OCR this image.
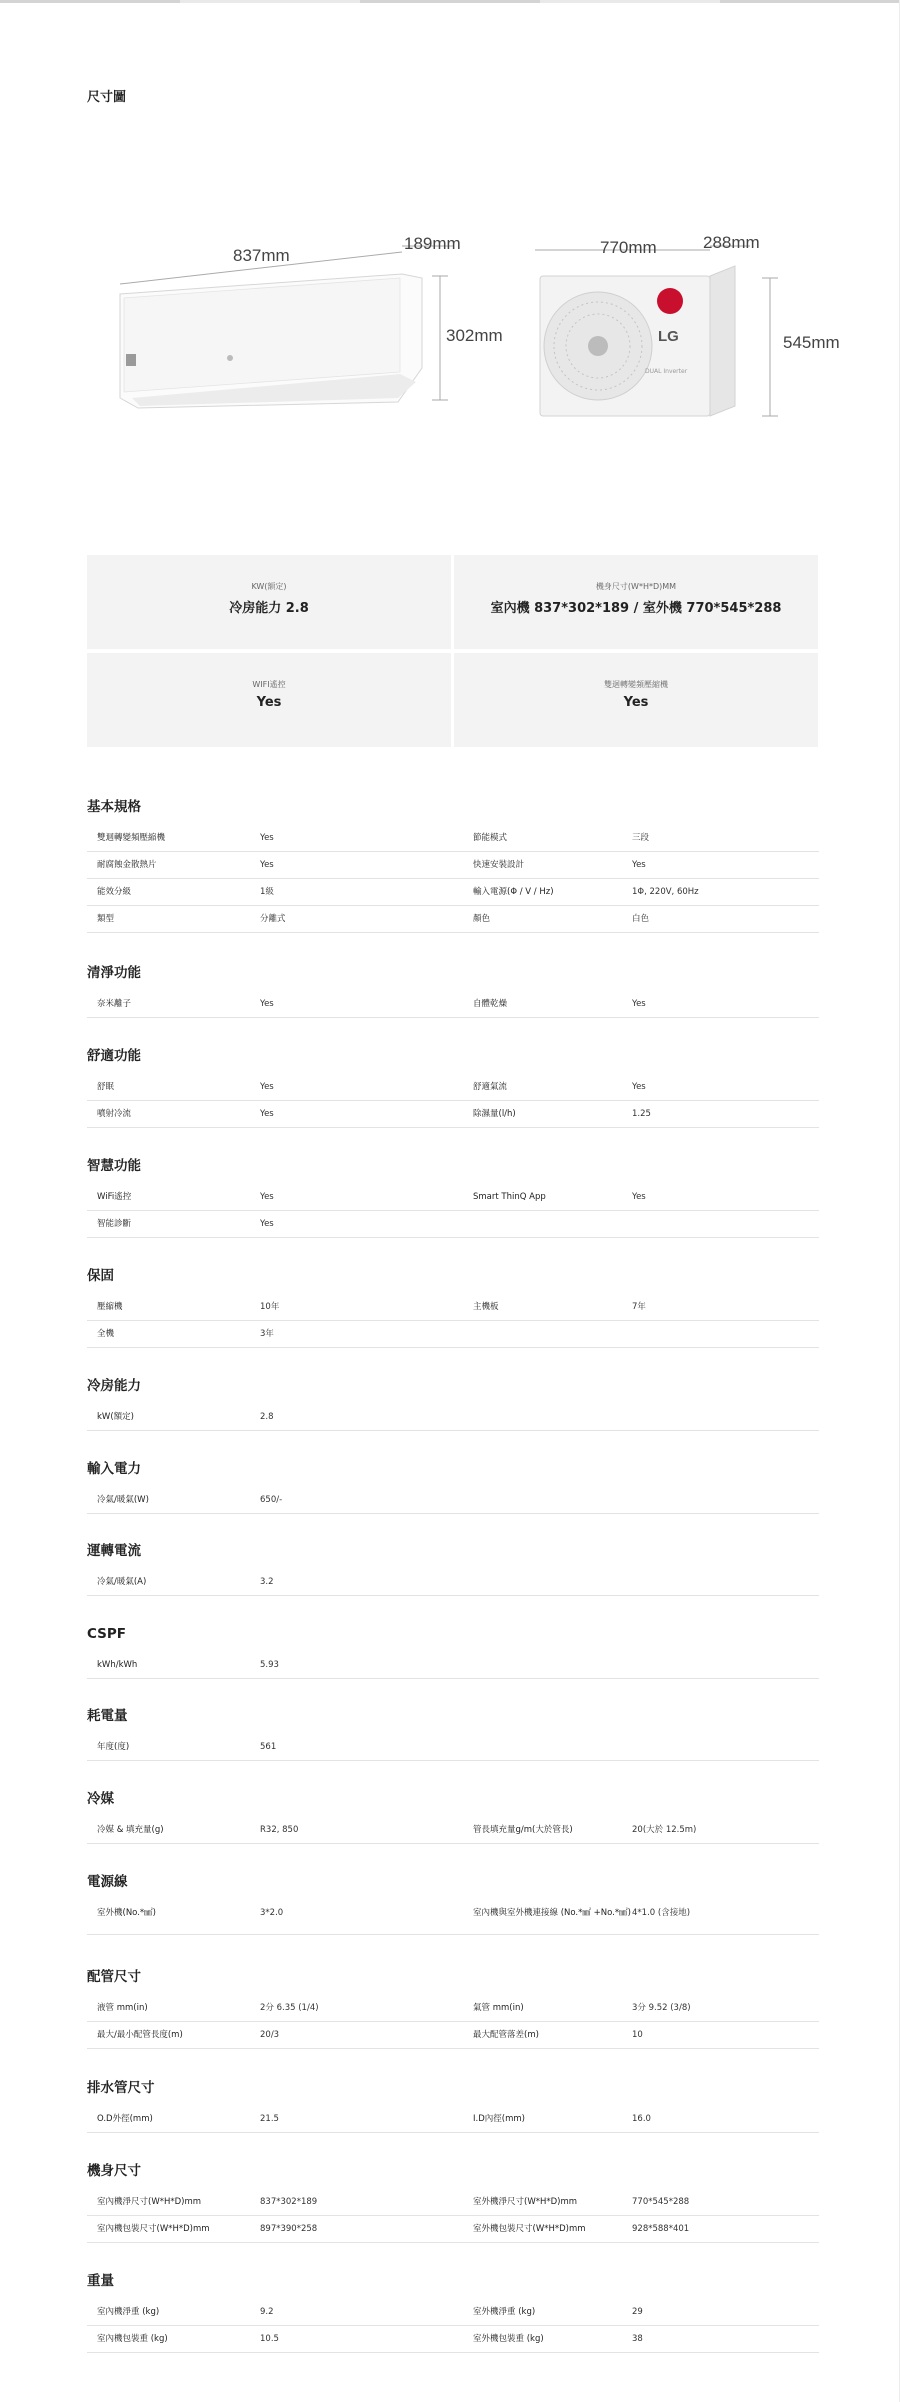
尺寸圖
837mm
189mm
302mm
770mm	288mm
545mm
LG
DUAL Inverter
KW(額定)
冷房能力 2.8
機身尺寸(W*H*D)MM
室內機 837*302*189 / 室外機 770*545*288
WIFI遙控
Yes
雙迴轉變頻壓縮機
Yes
基本規格
雙迴轉變頻壓縮機	Yes	節能模式	三段
耐腐蝕金散熱片	Yes	快速安裝設計	Yes
能效分級	1級	輸入電源(Φ / V / Hz)	1Φ, 220V, 60Hz
類型	分離式	顏色	白色
清淨功能
奈米離子	Yes	自體乾燥	Yes
舒適功能
舒眠	Yes	舒適氣流	Yes
噴射冷流	Yes	除濕量(l/h)	1.25
智慧功能
WiFi遙控	Yes	Smart ThinQ App	Yes
智能診斷	Yes
保固
壓縮機	10年	主機板	7年
全機	3年
冷房能力
kW(額定)	2.8
輸入電力
冷氣/暖氣(W)	650/-
運轉電流
冷氣/暖氣(A)	3.2
CSPF
kWh/kWh	5.93
耗電量
年度(度)	561
冷媒
冷媒 & 填充量(g)	R32, 850	管長填充量g/m(大於管長)	20(大於 12.5m)
電源線
室外機(No.*㎟)	3*2.0	室內機與室外機連接線 (No.*㎟ +No.*㎟) 4*1.0 (含接地)
配管尺寸
液管 mm(in)	2分 6.35 (1/4)	氣管 mm(in)	3分 9.52 (3/8)
最大/最小配管長度(m)	20/3	最大配管落差(m)	10
排水管尺寸
O.D外徑(mm)	21.5	I.D內徑(mm)	16.0
機身尺寸
室內機淨尺寸(W*H*D)mm	837*302*189	室外機淨尺寸(W*H*D)mm	770*545*288
室內機包裝尺寸(W*H*D)mm	897*390*258	室外機包裝尺寸(W*H*D)mm	928*588*401
重量
室內機淨重 (kg)	9.2	室外機淨重 (kg)	29
室內機包裝重 (kg)	10.5	室外機包裝重 (kg)	38
